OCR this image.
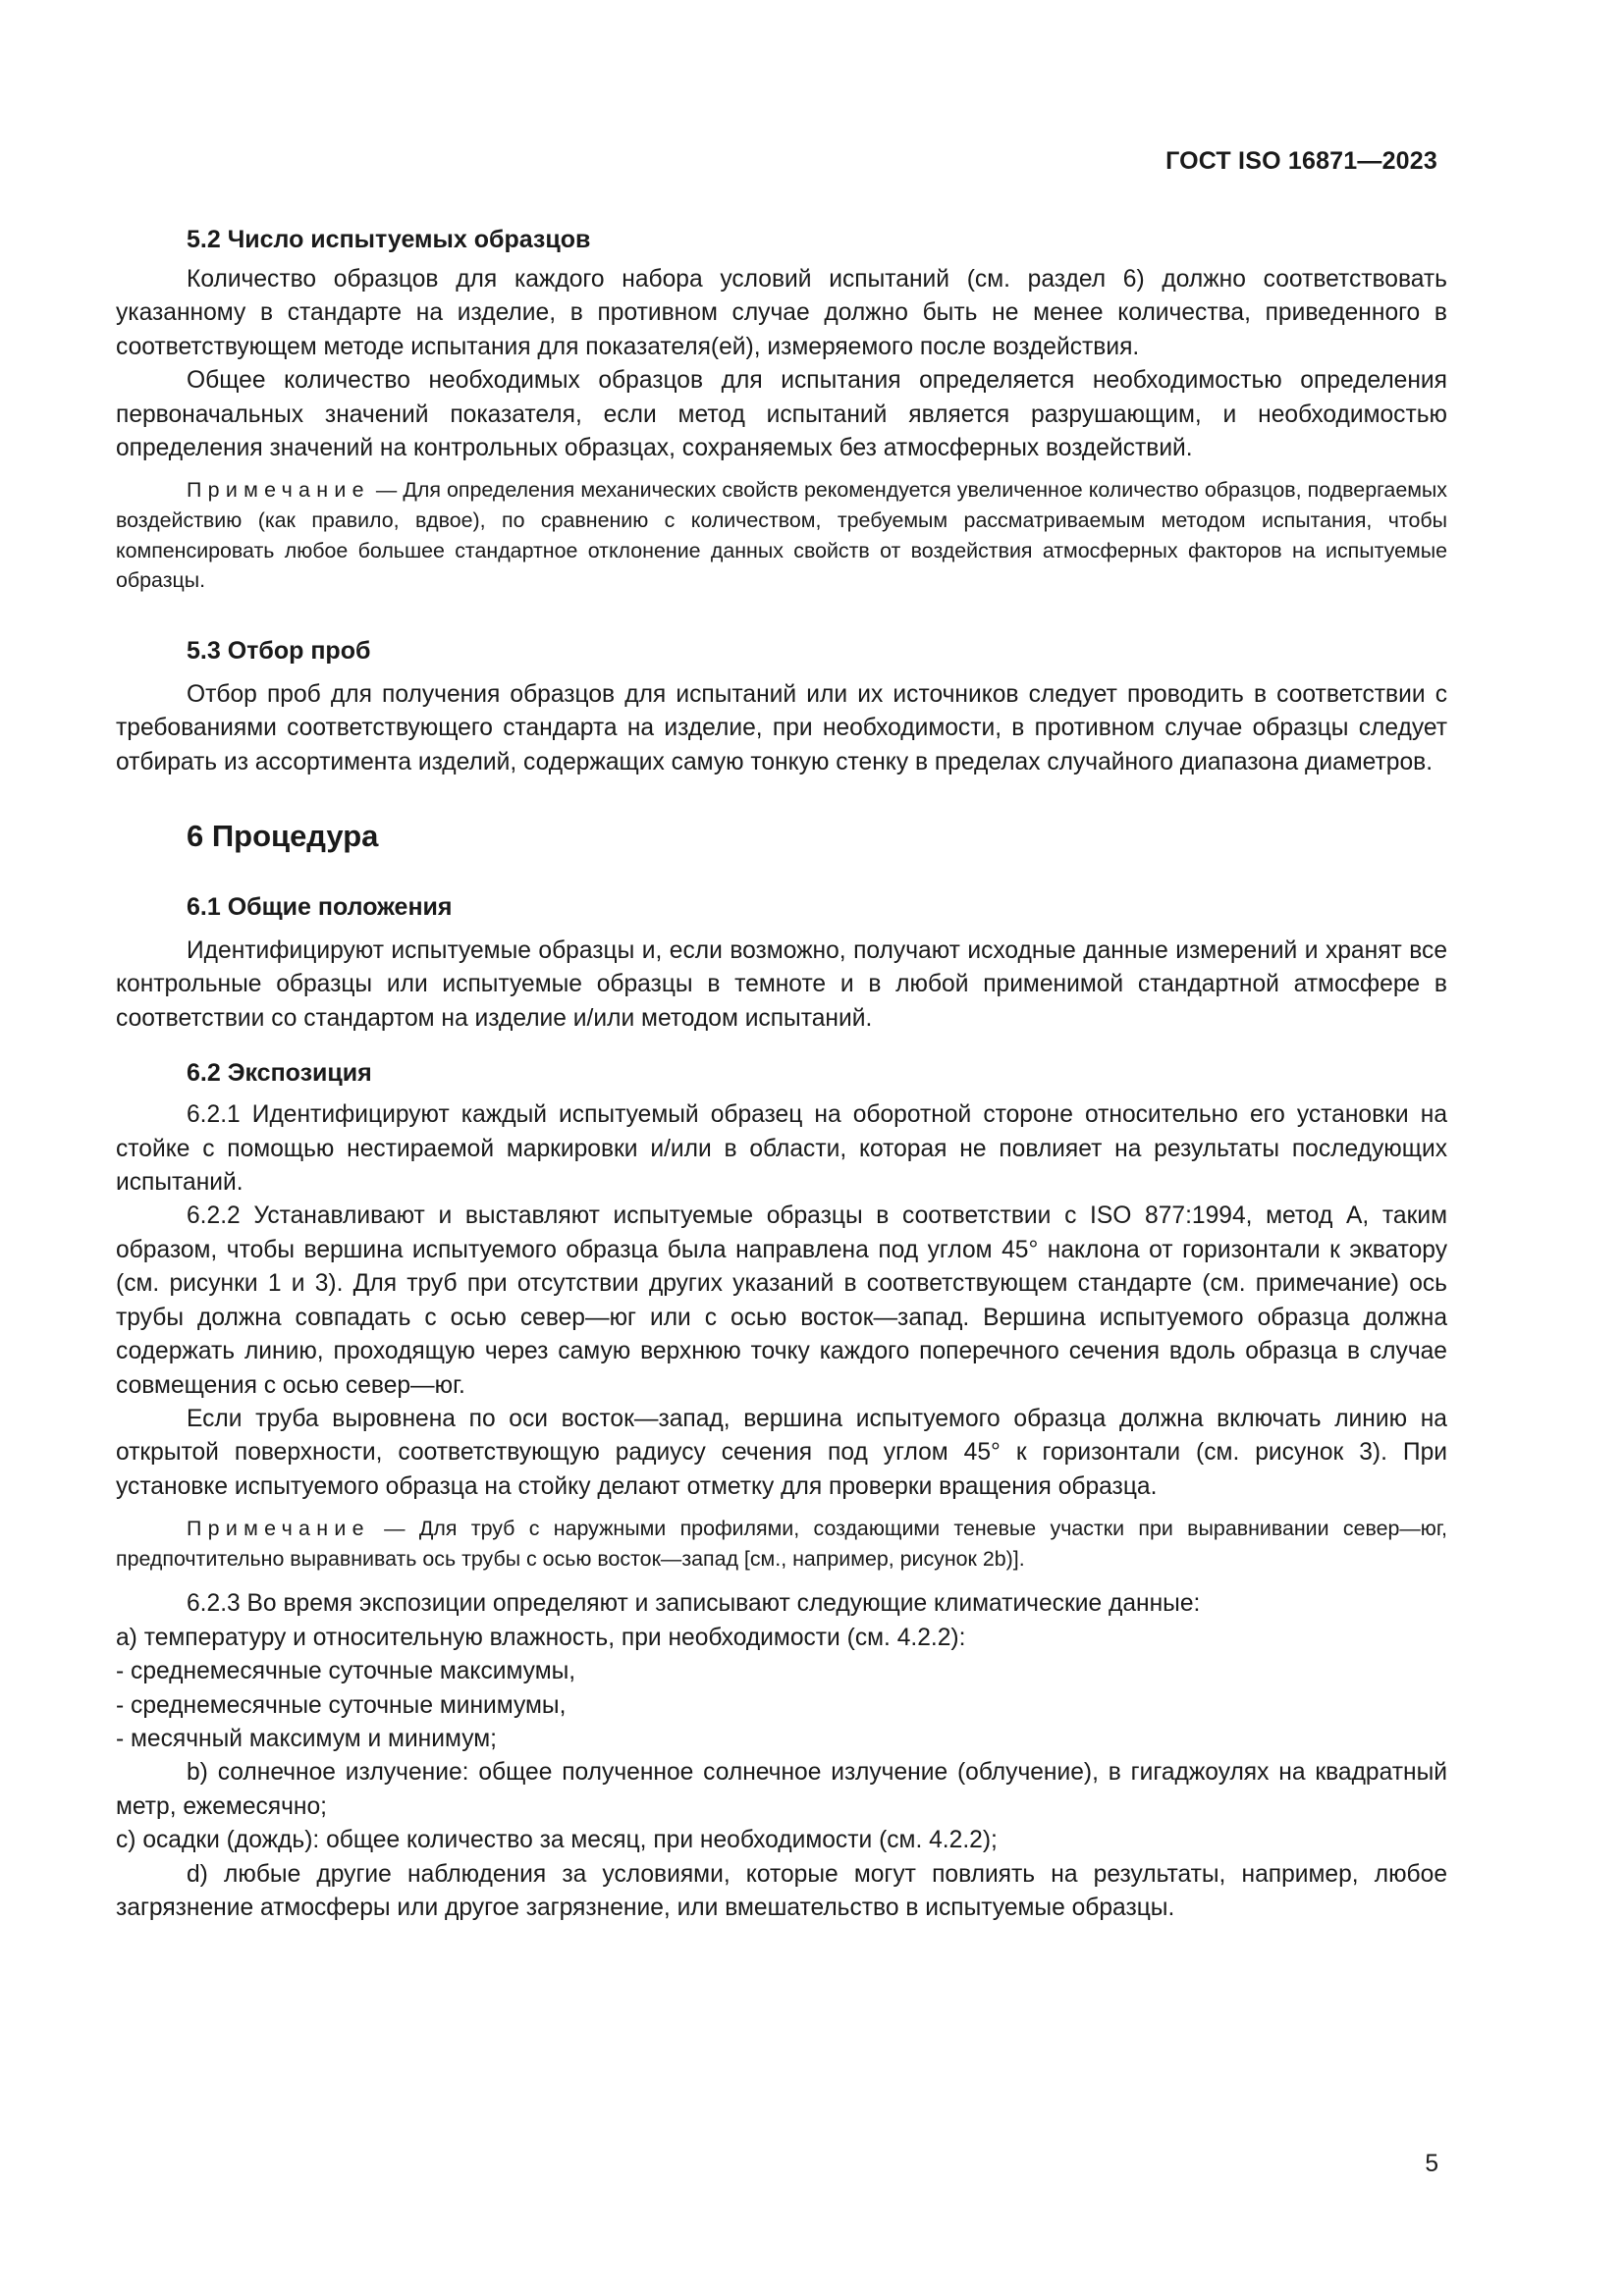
ГОСТ ISO 16871—2023
5.2 Число испытуемых образцов

Количество образцов для каждого набора условий испытаний (см. раздел 6) должно соответствовать указанному в стандарте на изделие, в противном случае должно быть не менее количества, приведенного в соответствующем методе испытания для показателя(ей), измеряемого после воздействия.

Общее количество необходимых образцов для испытания определяется необходимостью определения первоначальных значений показателя, если метод испытаний является разрушающим, и необходимостью определения значений на контрольных образцах, сохраняемых без атмосферных воздействий.

Примечание — Для определения механических свойств рекомендуется увеличенное количество образцов, подвергаемых воздействию (как правило, вдвое), по сравнению с количеством, требуемым рассматриваемым методом испытания, чтобы компенсировать любое большее стандартное отклонение данных свойств от воздействия атмосферных факторов на испытуемые образцы.

5.3 Отбор проб

Отбор проб для получения образцов для испытаний или их источников следует проводить в соответствии с требованиями соответствующего стандарта на изделие, при необходимости, в противном случае образцы следует отбирать из ассортимента изделий, содержащих самую тонкую стенку в пределах случайного диапазона диаметров.

6 Процедура
6.1 Общие положения

Идентифицируют испытуемые образцы и, если возможно, получают исходные данные измерений и хранят все контрольные образцы или испытуемые образцы в темноте и в любой применимой стандартной атмосфере в соответствии со стандартом на изделие и/или методом испытаний.

6.2 Экспозиция

6.2.1 Идентифицируют каждый испытуемый образец на оборотной стороне относительно его установки на стойке с помощью нестираемой маркировки и/или в области, которая не повлияет на результаты последующих испытаний.

6.2.2 Устанавливают и выставляют испытуемые образцы в соответствии с ISO 877:1994, метод А, таким образом, чтобы вершина испытуемого образца была направлена под углом 45° наклона от горизонтали к экватору (см. рисунки 1 и 3). Для труб при отсутствии других указаний в соответствующем стандарте (см. примечание) ось трубы должна совпадать с осью север—юг или с осью восток—запад. Вершина испытуемого образца должна содержать линию, проходящую через самую верхнюю точку каждого поперечного сечения вдоль образца в случае совмещения с осью север—юг.

Если труба выровнена по оси восток—запад, вершина испытуемого образца должна включать линию на открытой поверхности, соответствующую радиусу сечения под углом 45° к горизонтали (см. рисунок 3). При установке испытуемого образца на стойку делают отметку для проверки вращения образца.

Примечание — Для труб с наружными профилями, создающими теневые участки при выравнивании север—юг, предпочтительно выравнивать ось трубы с осью восток—запад [см., например, рисунок 2b)].

6.2.3 Во время экспозиции определяют и записывают следующие климатические данные:

а) температуру и относительную влажность, при необходимости (см. 4.2.2):
- среднемесячные суточные максимумы,
- среднемесячные суточные минимумы,
- месячный максимум и минимум;

b) солнечное излучение: общее полученное солнечное излучение (облучение), в гигаджоулях на квадратный метр, ежемесячно;

c) осадки (дождь): общее количество за месяц, при необходимости (см. 4.2.2);

d) любые другие наблюдения за условиями, которые могут повлиять на результаты, например, любое загрязнение атмосферы или другое загрязнение, или вмешательство в испытуемые образцы.

5
